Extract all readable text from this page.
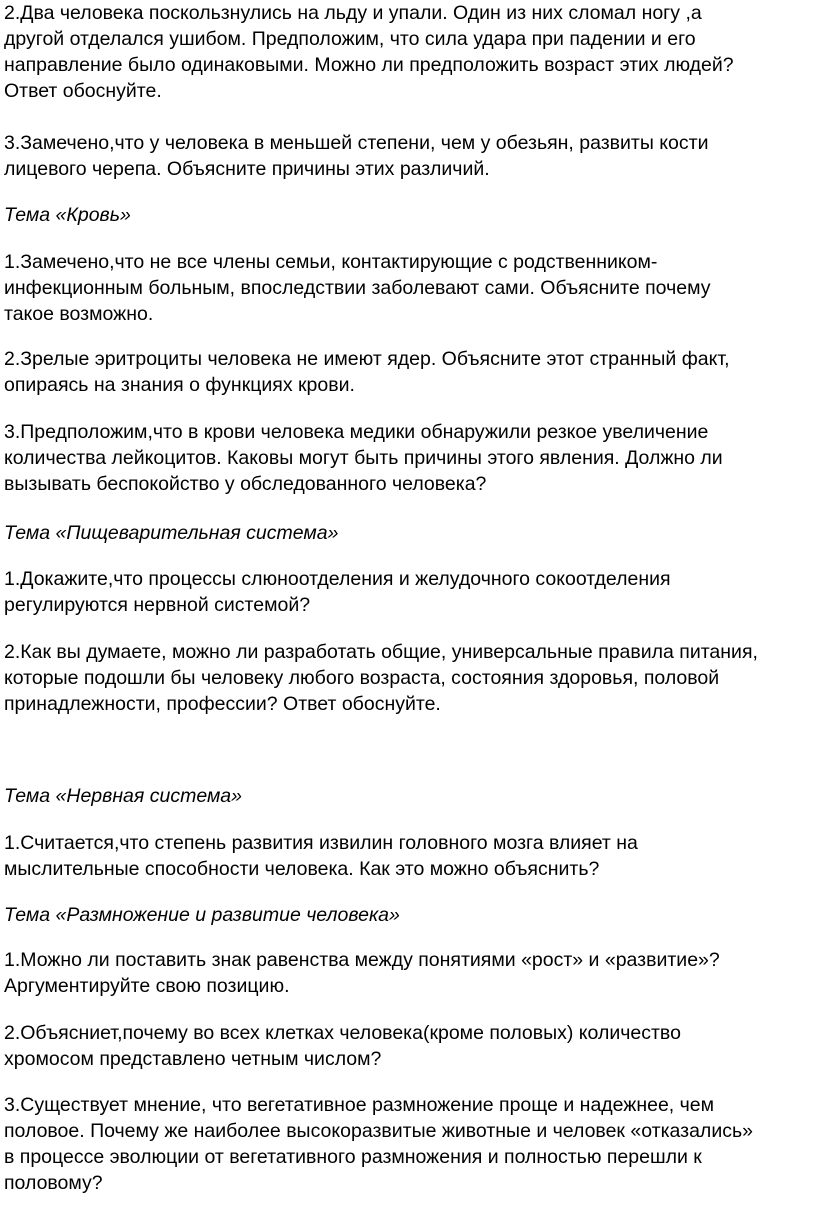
2.Два человека поскользнулись на льду и упали. Один из них сломал ногу ,а
другой отделался ушибом. Предположим, что сила удара при падении и его
направление было одинаковыми. Можно ли предположить возраст этих людей?
Ответ обоснуйте.

3.Замечено,что у человека в меньшей степени, чем у обезьян, развиты кости
лицевого черепа. Объясните причины этих различий.

Тема «Кровь»

1.Замечено,что не все члены семьи, контактирующие с родственником-
инфекционным больным, впоследствии заболевают сами. Объясните почему
такое возможно.

2.Зрелые эритроциты человека не имеют ядер. Объясните этот странный факт,
опираясь на знания о функциях крови.

3.Предположим,что в крови человека медики обнаружили резкое увеличение
количества лейкоцитов. Каковы могут быть причины этого явления. Должно ли
вызывать беспокойство у обследованного человека?

Тема «Пищеварительная система»

1.Докажите,что процессы слюноотделения и желудочного сокоотделения
регулируются нервной системой?

2.Как вы думаете, можно ли разработать общие, универсальные правила питания,
которые подошли бы человеку любого возраста, состояния здоровья, половой
принадлежности, профессии? Ответ обоснуйте.

Тема «Нервная система»

1.Считается,что степень развития извилин головного мозга влияет на
мыслительные способности человека. Как это можно объяснить?

Тема «Размножение и развитие человека»

1.Можно ли поставить знак равенства между понятиями «рост» и «развитие»?
Аргументируйте свою позицию.

2.Объясниет,почему во всех клетках человека(кроме половых) количество
хромосом представлено четным числом?

3.Существует мнение, что вегетативное размножение проще и надежнее, чем
половое. Почему же наиболее высокоразвитые животные и человек «отказались»
в процессе эволюции от вегетативного размножения и полностью перешли к
половому?
